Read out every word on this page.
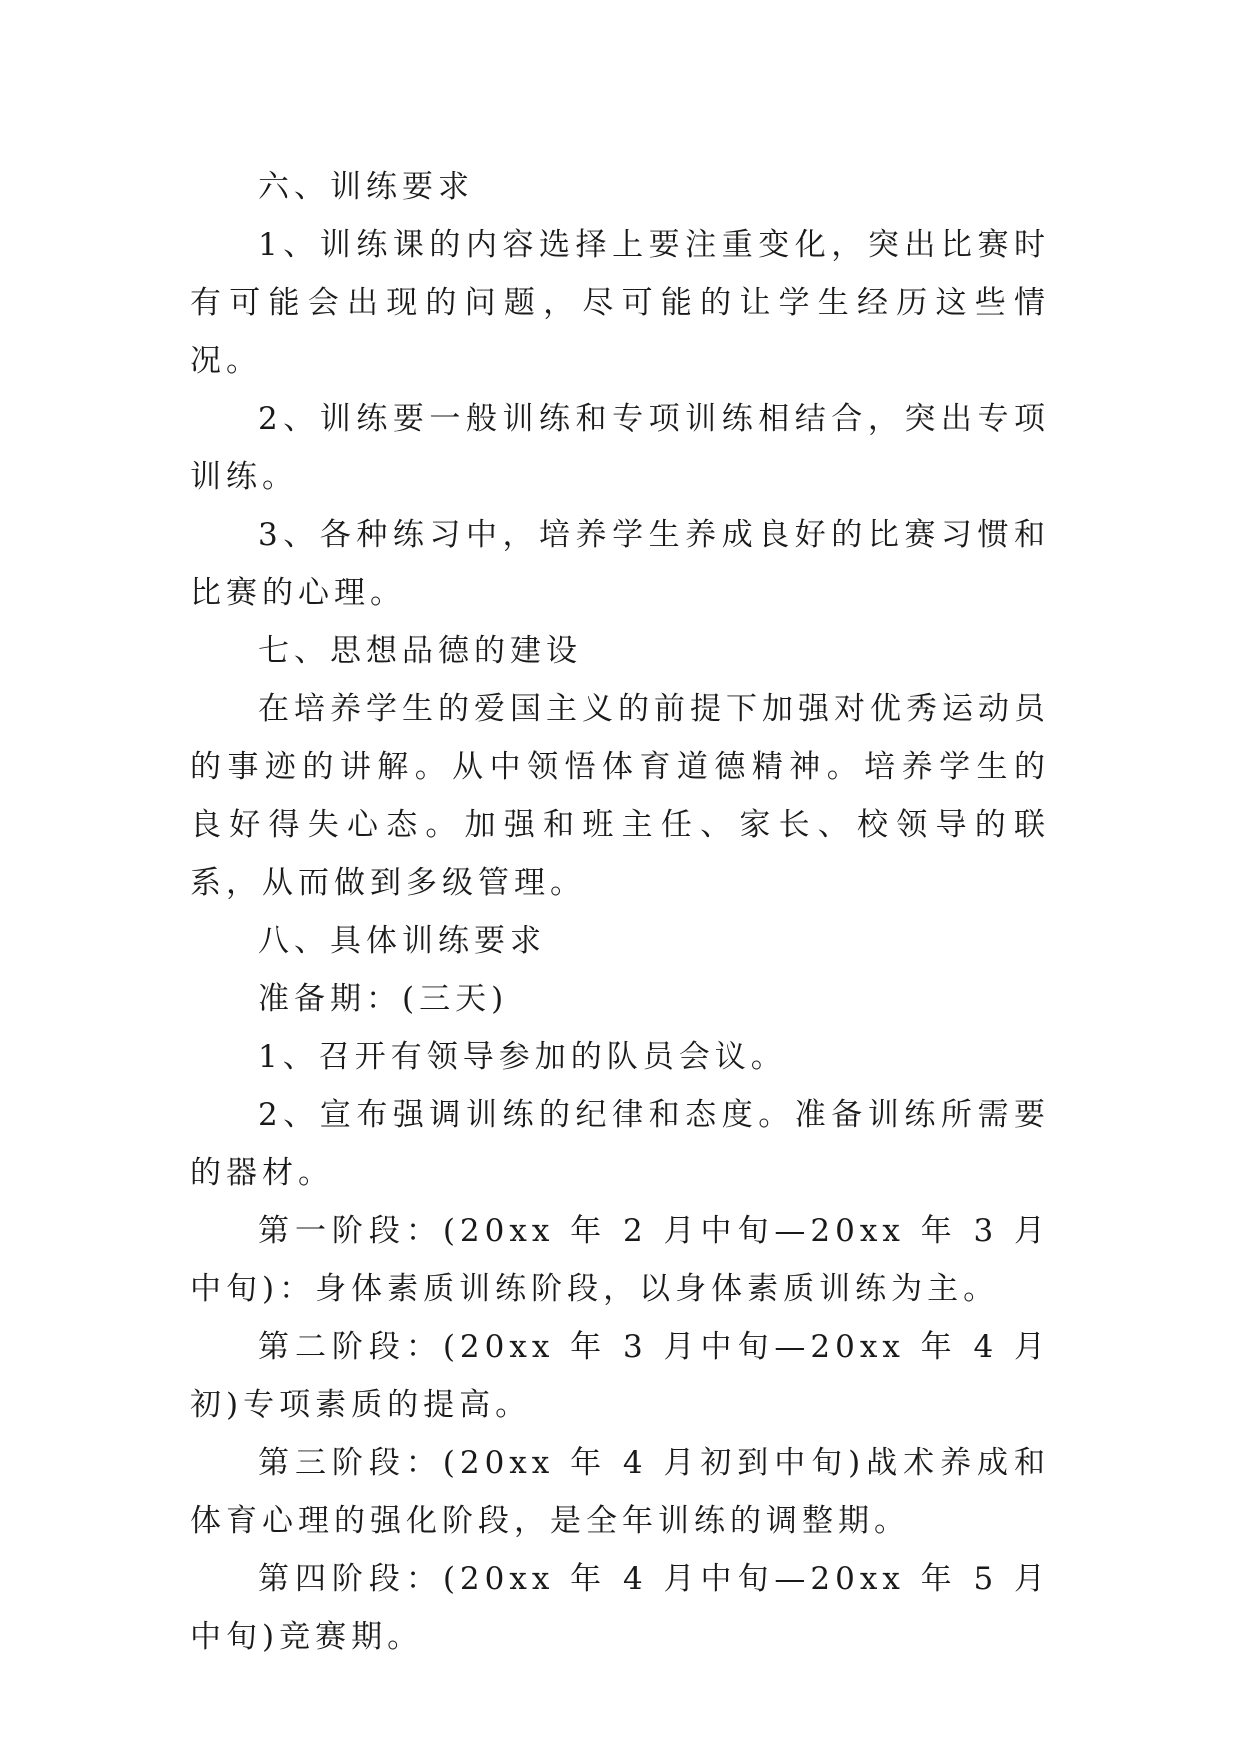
六、训练要求

1、训练课的内容选择上要注重变化，突出比赛时有可能会出现的问题，尽可能的让学生经历这些情况。

2、训练要一般训练和专项训练相结合，突出专项训练。

3、各种练习中，培养学生养成良好的比赛习惯和比赛的心理。

七、思想品德的建设

在培养学生的爱国主义的前提下加强对优秀运动员的事迹的讲解。从中领悟体育道德精神。培养学生的良好得失心态。加强和班主任、家长、校领导的联系，从而做到多级管理。

八、具体训练要求

准备期：(三天)

1、召开有领导参加的队员会议。

2、宣布强调训练的纪律和态度。准备训练所需要的器材。

第一阶段：(20xx 年 2 月中旬—20xx 年 3 月中旬)：身体素质训练阶段，以身体素质训练为主。

第二阶段：(20xx 年 3 月中旬—20xx 年 4 月初)专项素质的提高。

第三阶段：(20xx 年 4 月初到中旬)战术养成和体育心理的强化阶段，是全年训练的调整期。

第四阶段：(20xx 年 4 月中旬—20xx 年 5 月中旬)竞赛期。
